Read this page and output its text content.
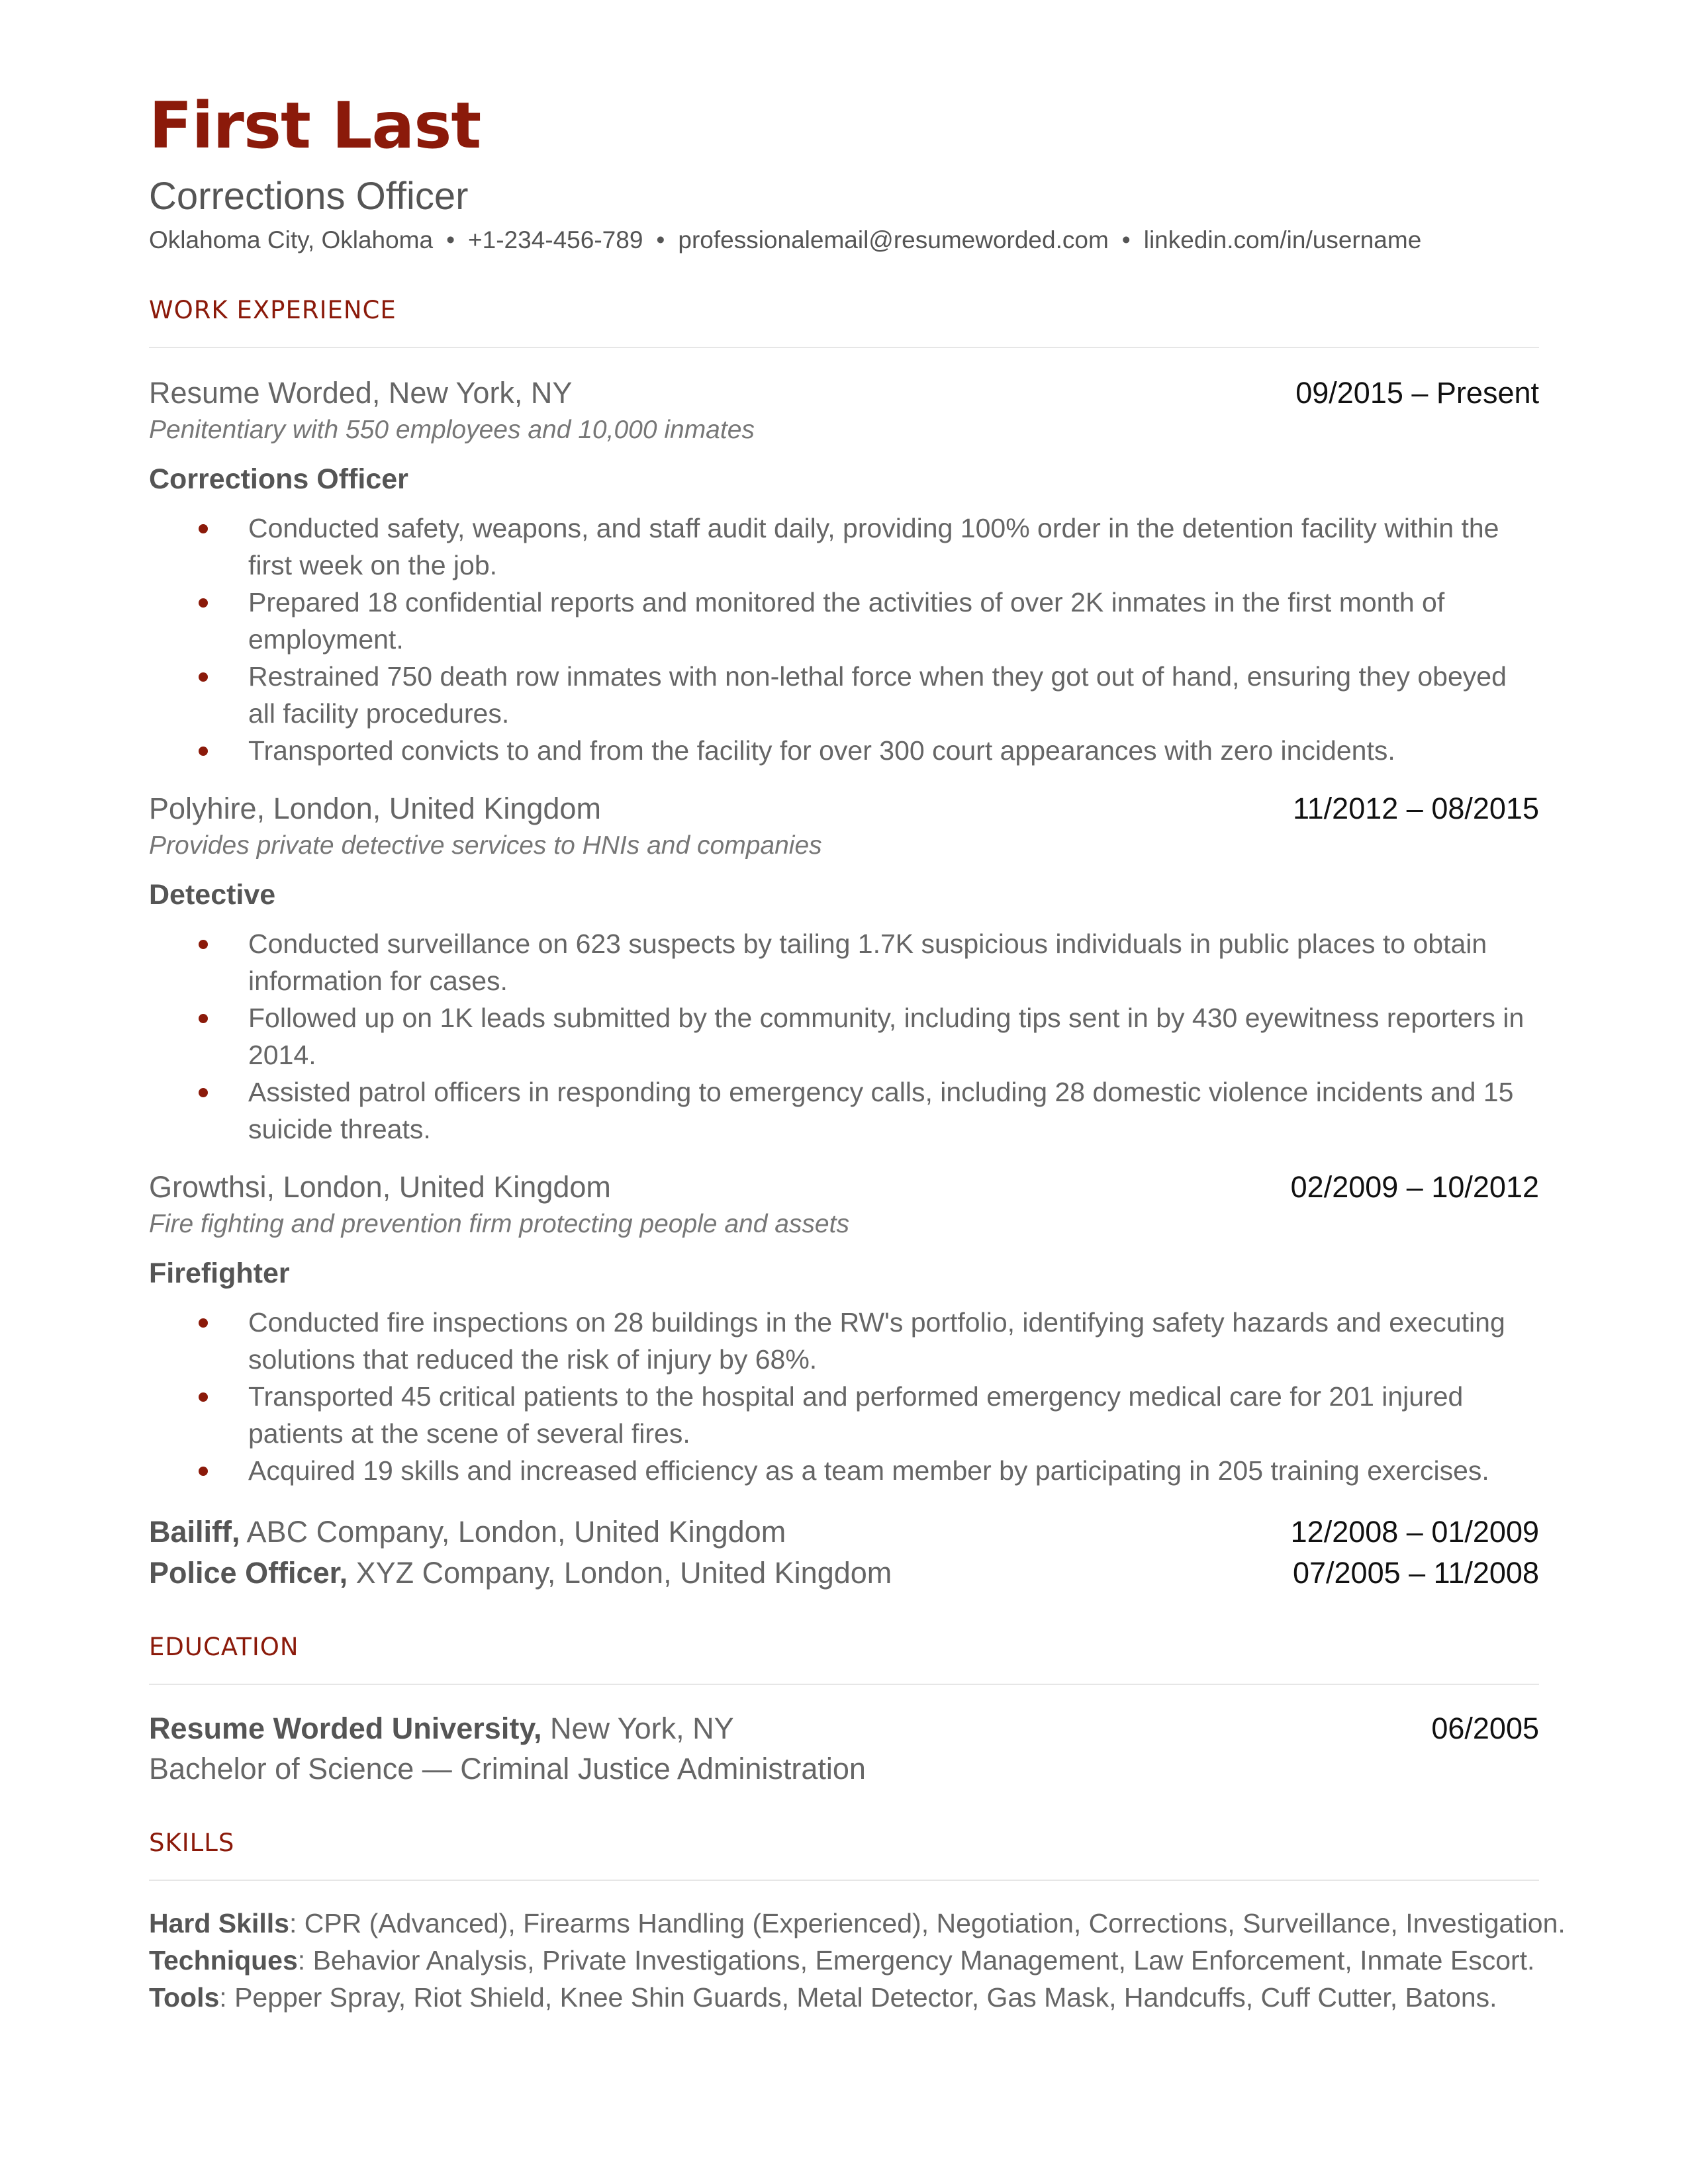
First Last
Corrections Officer
Oklahoma City, Oklahoma • +1-234-456-789 • professionalemail@resumeworded.com • linkedin.com/in/username
WORK EXPERIENCE
Resume Worded, New York, NY	09/2015 – Present
Penitentiary with 550 employees and 10,000 inmates
Corrections Officer
Conducted safety, weapons, and staff audit daily, providing 100% order in the detention facility within the first week on the job.
Prepared 18 confidential reports and monitored the activities of over 2K inmates in the first month of employment.
Restrained 750 death row inmates with non-lethal force when they got out of hand, ensuring they obeyed all facility procedures.
Transported convicts to and from the facility for over 300 court appearances with zero incidents.
Polyhire, London, United Kingdom	11/2012 – 08/2015
Provides private detective services to HNIs and companies
Detective
Conducted surveillance on 623 suspects by tailing 1.7K suspicious individuals in public places to obtain information for cases.
Followed up on 1K leads submitted by the community, including tips sent in by 430 eyewitness reporters in 2014.
Assisted patrol officers in responding to emergency calls, including 28 domestic violence incidents and 15 suicide threats.
Growthsi, London, United Kingdom	02/2009 – 10/2012
Fire fighting and prevention firm protecting people and assets
Firefighter
Conducted fire inspections on 28 buildings in the RW's portfolio, identifying safety hazards and executing solutions that reduced the risk of injury by 68%.
Transported 45 critical patients to the hospital and performed emergency medical care for 201 injured patients at the scene of several fires.
Acquired 19 skills and increased efficiency as a team member by participating in 205 training exercises.
Bailiff, ABC Company, London, United Kingdom	12/2008 – 01/2009
Police Officer, XYZ Company, London, United Kingdom	07/2005 – 11/2008
EDUCATION
Resume Worded University, New York, NY	06/2005
Bachelor of Science — Criminal Justice Administration
SKILLS
Hard Skills: CPR (Advanced), Firearms Handling (Experienced), Negotiation, Corrections, Surveillance, Investigation.
Techniques: Behavior Analysis, Private Investigations, Emergency Management, Law Enforcement, Inmate Escort.
Tools: Pepper Spray, Riot Shield, Knee Shin Guards, Metal Detector, Gas Mask, Handcuffs, Cuff Cutter, Batons.
